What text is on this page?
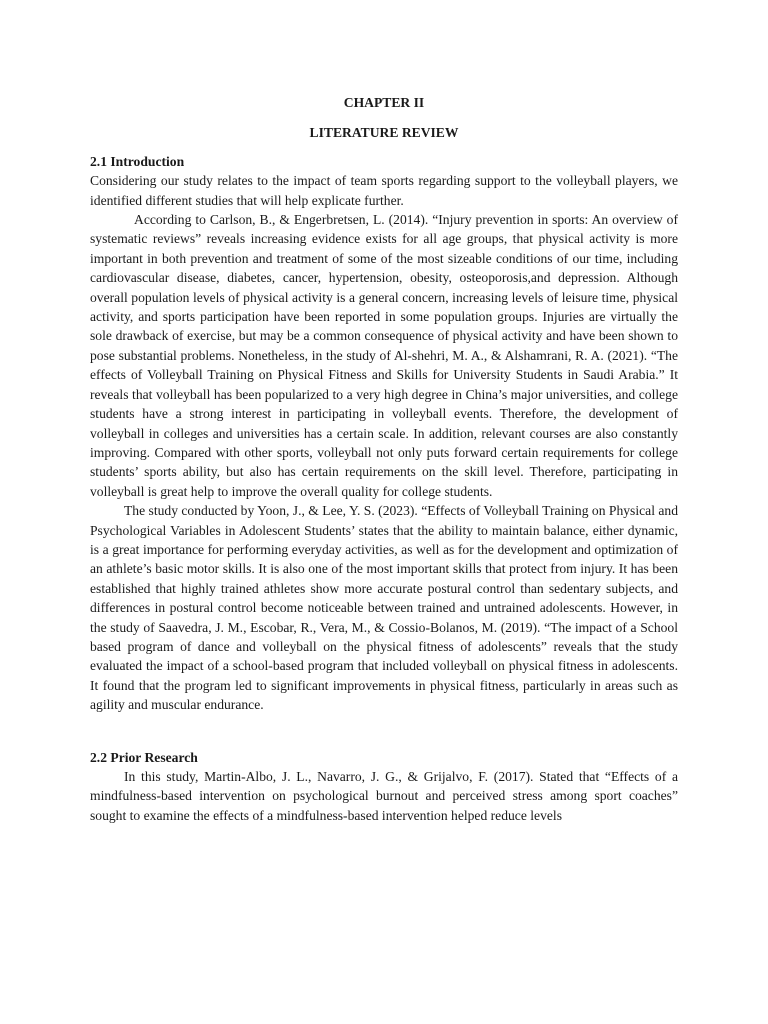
CHAPTER II
LITERATURE REVIEW
2.1 Introduction

Considering our study relates to the impact of team sports regarding support to the volleyball players, we identified different studies that will help explicate further.

According to Carlson, B., & Engerbretsen, L. (2014). “Injury prevention in sports: An overview of systematic reviews” reveals increasing evidence exists for all age groups, that physical activity is more important in both prevention and treatment of some of the most sizeable conditions of our time, including cardiovascular disease, diabetes, cancer, hypertension, obesity, osteoporosis,and depression. Although overall population levels of physical activity is a general concern, increasing levels of leisure time, physical activity, and sports participation have been reported in some population groups. Injuries are virtually the sole drawback of exercise, but may be a common consequence of physical activity and have been shown to pose substantial problems. Nonetheless, in the study of Al-shehri, M. A., & Alshamrani, R. A. (2021). “The effects of Volleyball Training on Physical Fitness and Skills for University Students in Saudi Arabia.” It reveals that volleyball has been popularized to a very high degree in China’s major universities, and college students have a strong interest in participating in volleyball events. Therefore, the development of volleyball in colleges and universities has a certain scale. In addition, relevant courses are also constantly improving. Compared with other sports, volleyball not only puts forward certain requirements for college students’ sports ability, but also has certain requirements on the skill level. Therefore, participating in volleyball is great help to improve the overall quality for college students.

The study conducted by Yoon, J., & Lee, Y. S. (2023). “Effects of Volleyball Training on Physical and Psychological Variables in Adolescent Students’ states that the ability to maintain balance, either dynamic, is a great importance for performing everyday activities, as well as for the development and optimization of an athlete’s basic motor skills. It is also one of the most important skills that protect from injury. It has been established that highly trained athletes show more accurate postural control than sedentary subjects, and differences in postural control become noticeable between trained and untrained adolescents. However, in the study of Saavedra, J. M., Escobar, R., Vera, M., & Cossio-Bolanos, M. (2019). “The impact of a School based program of dance and volleyball on the physical fitness of adolescents” reveals that the study evaluated the impact of a school-based program that included volleyball on physical fitness in adolescents. It found that the program led to significant improvements in physical fitness, particularly in areas such as agility and muscular endurance.

2.2 Prior Research

In this study, Martin-Albo, J. L., Navarro, J. G., & Grijalvo, F. (2017). Stated that “Effects of a mindfulness-based intervention on psychological burnout and perceived stress among sport coaches” sought to examine the effects of a mindfulness-based intervention helped reduce levels
